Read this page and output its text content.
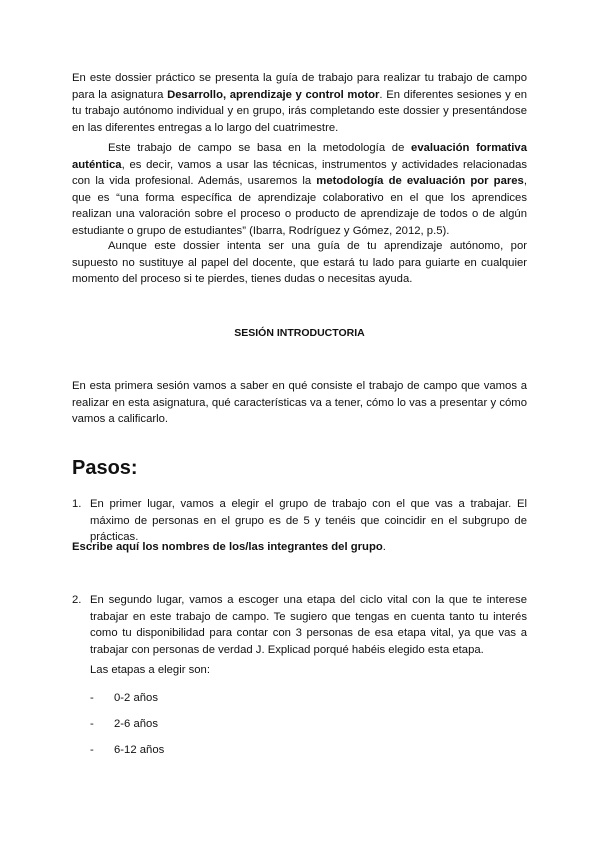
En este dossier práctico se presenta la guía de trabajo para realizar tu trabajo de campo para la asignatura Desarrollo, aprendizaje y control motor. En diferentes sesiones y en tu trabajo autónomo individual y en grupo, irás completando este dossier y presentándose en las diferentes entregas a lo largo del cuatrimestre.

Este trabajo de campo se basa en la metodología de evaluación formativa auténtica, es decir, vamos a usar las técnicas, instrumentos y actividades relacionadas con la vida profesional. Además, usaremos la metodología de evaluación por pares, que es “una forma específica de aprendizaje colaborativo en el que los aprendices realizan una valoración sobre el proceso o producto de aprendizaje de todos o de algún estudiante o grupo de estudiantes” (Ibarra, Rodríguez y Gómez, 2012, p.5).

Aunque este dossier intenta ser una guía de tu aprendizaje autónomo, por supuesto no sustituye al papel del docente, que estará tu lado para guiarte en cualquier momento del proceso si te pierdes, tienes dudas o necesitas ayuda.

SESIÓN INTRODUCTORIA

En esta primera sesión vamos a saber en qué consiste el trabajo de campo que vamos a realizar en esta asignatura, qué características va a tener, cómo lo vas a presentar y cómo vamos a calificarlo.

Pasos:

1. En primer lugar, vamos a elegir el grupo de trabajo con el que vas a trabajar. El máximo de personas en el grupo es de 5 y tenéis que coincidir en el subgrupo de prácticas.

Escribe aquí los nombres de los/las integrantes del grupo.

2. En segundo lugar, vamos a escoger una etapa del ciclo vital con la que te interese trabajar en este trabajo de campo. Te sugiero que tengas en cuenta tanto tu interés como tu disponibilidad para contar con 3 personas de esa etapa vital, ya que vas a trabajar con personas de verdad J. Explicad porqué habéis elegido esta etapa.

Las etapas a elegir son:

- 0-2 años

- 2-6 años

- 6-12 años
